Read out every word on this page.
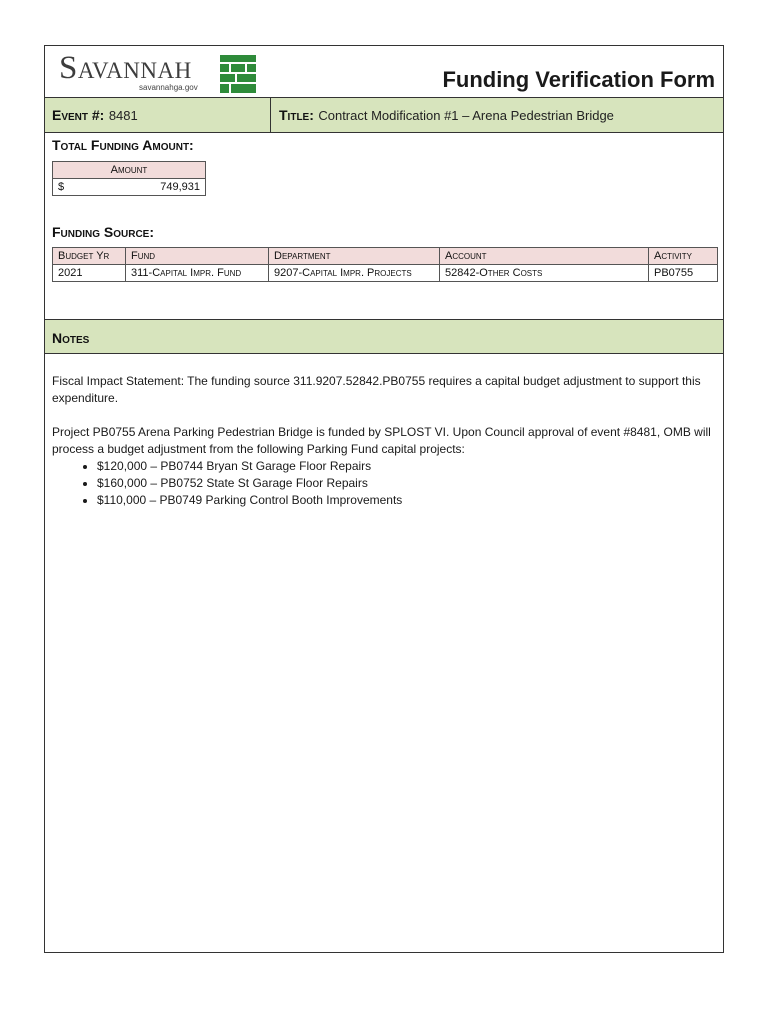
Savannah
savannahga.gov	Funding Verification Form
Event #: 8481	Title: Contract Modification #1 – Arena Pedestrian Bridge
Total Funding Amount:
Amount

$	749,931
Funding Source:
Budget Yr	Fund	Department	Account	Activity
2021	311-Capital Impr. Fund	9207-Capital Impr. Projects	52842-Other Costs	PB0755
Notes

Fiscal Impact Statement: The funding source 311.9207.52842.PB0755 requires a capital budget adjustment to support this expenditure.

Project PB0755 Arena Parking Pedestrian Bridge is funded by SPLOST VI. Upon Council approval of event #8481, OMB will process a budget adjustment from the following Parking Fund capital projects:

• $120,000 – PB0744 Bryan St Garage Floor Repairs
• $160,000 – PB0752 State St Garage Floor Repairs
• $110,000 – PB0749 Parking Control Booth Improvements
